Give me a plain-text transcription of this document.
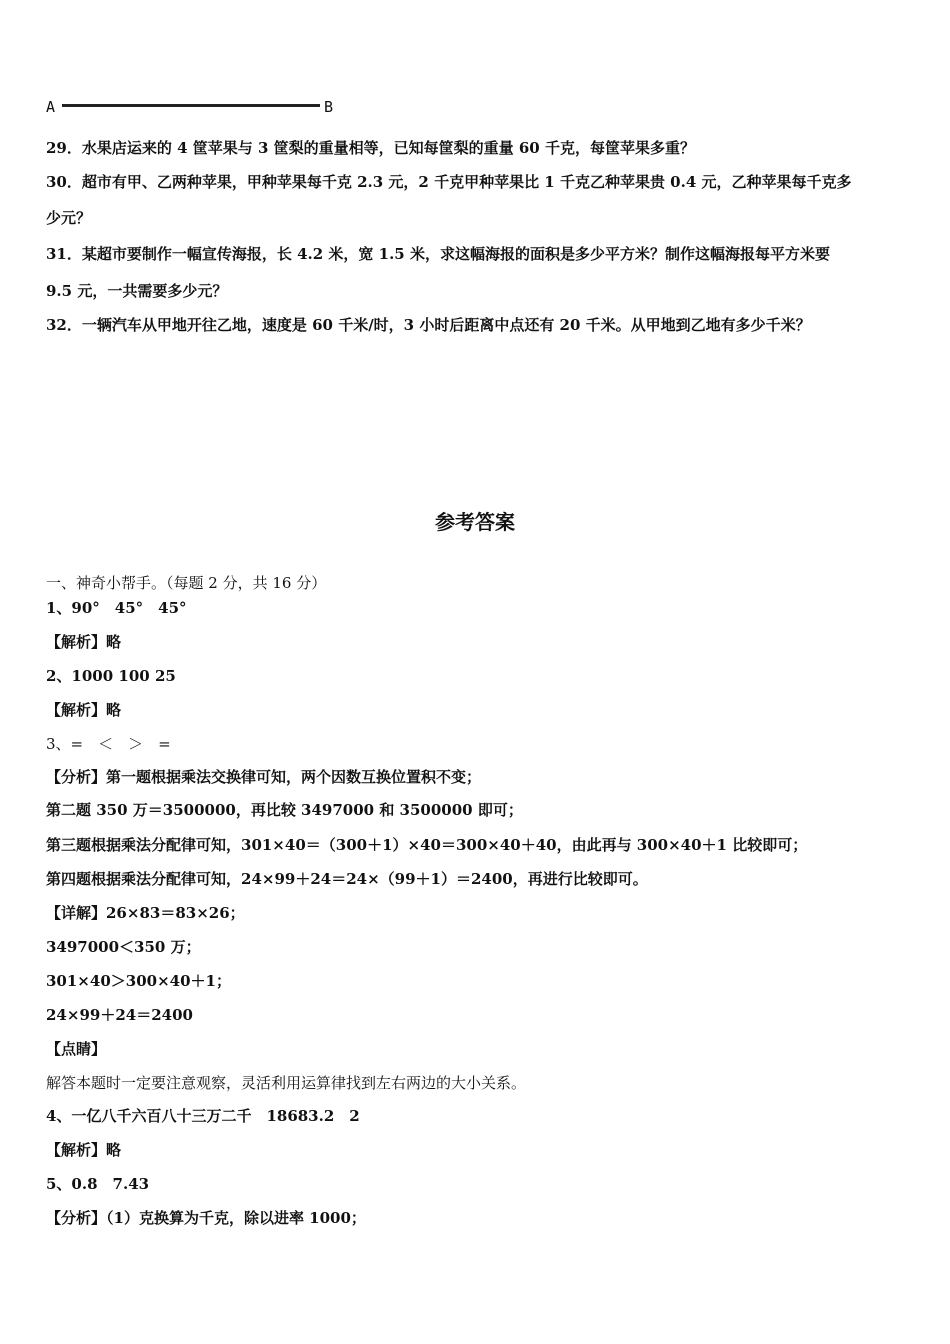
A	B
29．水果店运来的 4 筐苹果与 3 筐梨的重量相等，已知每筐梨的重量 60 千克，每筐苹果多重？
30．超市有甲、乙两种苹果，甲种苹果每千克 2.3 元，2 千克甲种苹果比 1 千克乙种苹果贵 0.4 元，乙种苹果每千克多
少元？
31．某超市要制作一幅宣传海报，长 4.2 米，宽 1.5 米，求这幅海报的面积是多少平方米？制作这幅海报每平方米要
9.5 元，一共需要多少元？
32．一辆汽车从甲地开往乙地，速度是 60 千米/时，3 小时后距离中点还有 20 千米。从甲地到乙地有多少千米？
参考答案
一、神奇小帮手。（每题 2 分，共 16 分）
1、90°　45°　45°
【解析】略
2、1000 100 25
【解析】略
3、=　＜　＞　=
【分析】第一题根据乘法交换律可知，两个因数互换位置积不变；
第二题 350 万＝3500000，再比较 3497000 和 3500000 即可；
第三题根据乘法分配律可知，301×40＝（300＋1）×40＝300×40＋40，由此再与 300×40＋1 比较即可；
第四题根据乘法分配律可知，24×99＋24＝24×（99＋1）＝2400，再进行比较即可。
【详解】26×83＝83×26；
3497000＜350 万；
301×40＞300×40＋1；
24×99＋24＝2400
【点睛】
解答本题时一定要注意观察，灵活利用运算律找到左右两边的大小关系。
4、一亿八千六百八十三万二千　18683.2　2
【解析】略
5、0.8　7.43
【分析】（1）克换算为千克，除以进率 1000；
